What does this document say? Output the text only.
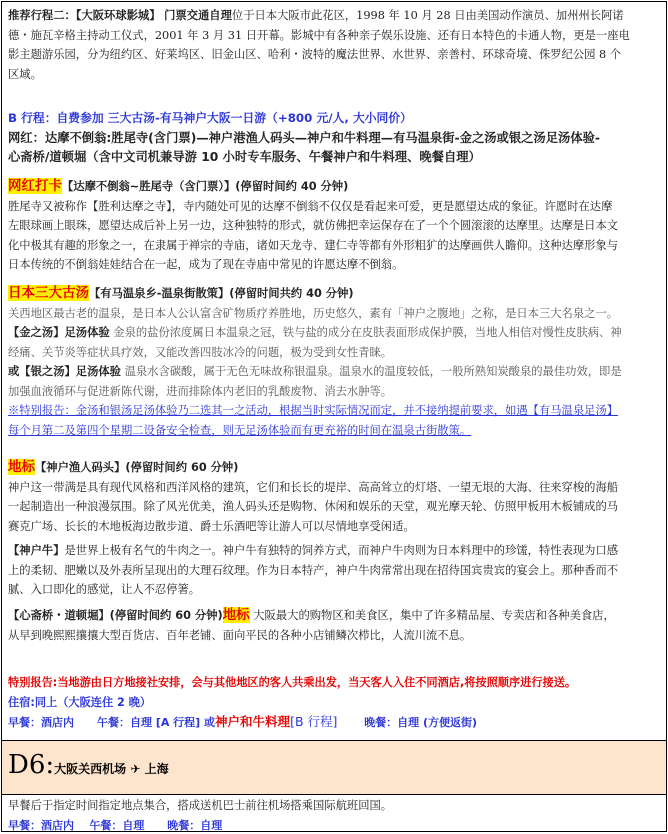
推荐行程二：【大阪环球影城】 门票交通自理位于日本大阪市此花区，1998 年 10 月 28 日由美国动作演员、加州州长阿诺

德・施瓦辛格主持动工仪式，2001 年 3 月 31 日开幕。影城中有各种亲子娱乐设施、还有日本特色的卡通人物，更是一座电

影主题游乐园，分为纽约区、好莱坞区、旧金山区、哈利・波特的魔法世界、水世界、亲善村、环球奇境、侏罗纪公园 8 个

区域。

B 行程：自费参加 三大古汤-有马神户大阪一日游（+800 元/人, 大小同价）

网红：达摩不倒翁:胜尾寺(含门票)—神户港渔人码头—神户和牛料理—有马温泉街-金之汤或银之汤足汤体验-

心斋桥/道顿堀（含中文司机兼导游 10 小时专车服务、午餐神户和牛料理、晚餐自理）

网红打卡【达摩不倒翁~胜尾寺（含门票）】(停留时间约 40 分钟)

胜尾寺又被称作【胜利达摩之寺】，寺内随处可见的达摩不倒翁不仅仅是看起来可爱，更是愿望达成的象征。许愿时在达摩

左眼球画上眼珠，愿望达成后补上另一边，这种独特的形式，就仿佛把幸运保存在了一个个圆滚滚的达摩里。达摩是日本文

化中极其有趣的形象之一，在隶属于禅宗的寺庙，诸如天龙寺、建仁寺等都有外形粗犷的达摩画供人瞻仰。这种达摩形象与

日本传统的不倒翁娃娃结合在一起，成为了现在寺庙中常见的许愿达摩不倒翁。

日本三大古汤【有马温泉乡-温泉街散策】(停留时间共约 40 分钟)

关西地区最古老的温泉，是日本人公认富含矿物质疗养胜地，历史悠久，素有「神户之腹地」之称，是日本三大名泉之一。

【金之汤】足汤体验 金泉的盐份浓度属日本温泉之冠，铁与盐的成分在皮肤表面形成保护膜，当地人相信对慢性皮肤病、神

经痛、关节炎等症状具疗效，又能改善四肢冰冷的问题，极为受到女性青睐。

或【银之汤】足汤体验 温泉水含碳酸，属于无色无味故称银温泉。温泉水的温度较低，一般所熟知炭酸泉的最佳功效，即是

加强血液循环与促进新陈代谢，进而排除体内老旧的乳酸废物、消去水肿等。

※特别报告：金汤和银汤足汤体验乃二选其一之活动，根据当时实际情况而定，并不接纳提前要求，如遇【有马温泉足汤】

每个月第二及第四个星期二设备安全检查，则无足汤体验而有更充裕的时间在温泉古街散策。

地标【神户渔人码头】(停留时间约 60 分钟)

神户这一带满是具有现代风格和西洋风格的建筑，它们和长长的堤岸、高高耸立的灯塔、一望无垠的大海、往来穿梭的海船

一起制造出一种浪漫氛围。除了风光优美，渔人码头还是购物、休闲和娱乐的天堂，观光摩天轮、仿照甲板用木板铺成的马

赛克广场、长长的木地板海边散步道、爵士乐酒吧等让游人可以尽情地享受闲适。

【神户牛】是世界上极有名气的牛肉之一。神户牛有独特的饲养方式，而神户牛肉则为日本料理中的珍馐，特性表现为口感

上的柔韧、肥嫩以及外表所呈现出的大理石纹理。作为日本特产，神户牛肉常常出现在招待国宾贵宾的宴会上。那种香而不

腻、入口即化的感觉，让人不忍停箸。

【心斋桥・道顿堀】(停留时间约 60 分钟)地标 大阪最大的购物区和美食区，集中了许多精品屋、专卖店和各种美食店，

从早到晚熙熙攘攘大型百货店、百年老铺、面向平民的各种小店铺鳞次栉比，人流川流不息。

特别报告:当地游由日方地接社安排，会与其他地区的客人共乘出发，当天客人入住不同酒店,将按照顺序进行接送。

住宿:同上（大阪连住 2 晚）

早餐：酒店内 午餐：自理 [A 行程] 或神户和牛料理[B 行程] 晚餐：自理 (方便返街)

D6:大阪关西机场 ✈ 上海

早餐后于指定时间指定地点集合，搭成送机巴士前往机场搭乘国际航班回国。

早餐：酒店内    午餐：自理      晚餐：自理
